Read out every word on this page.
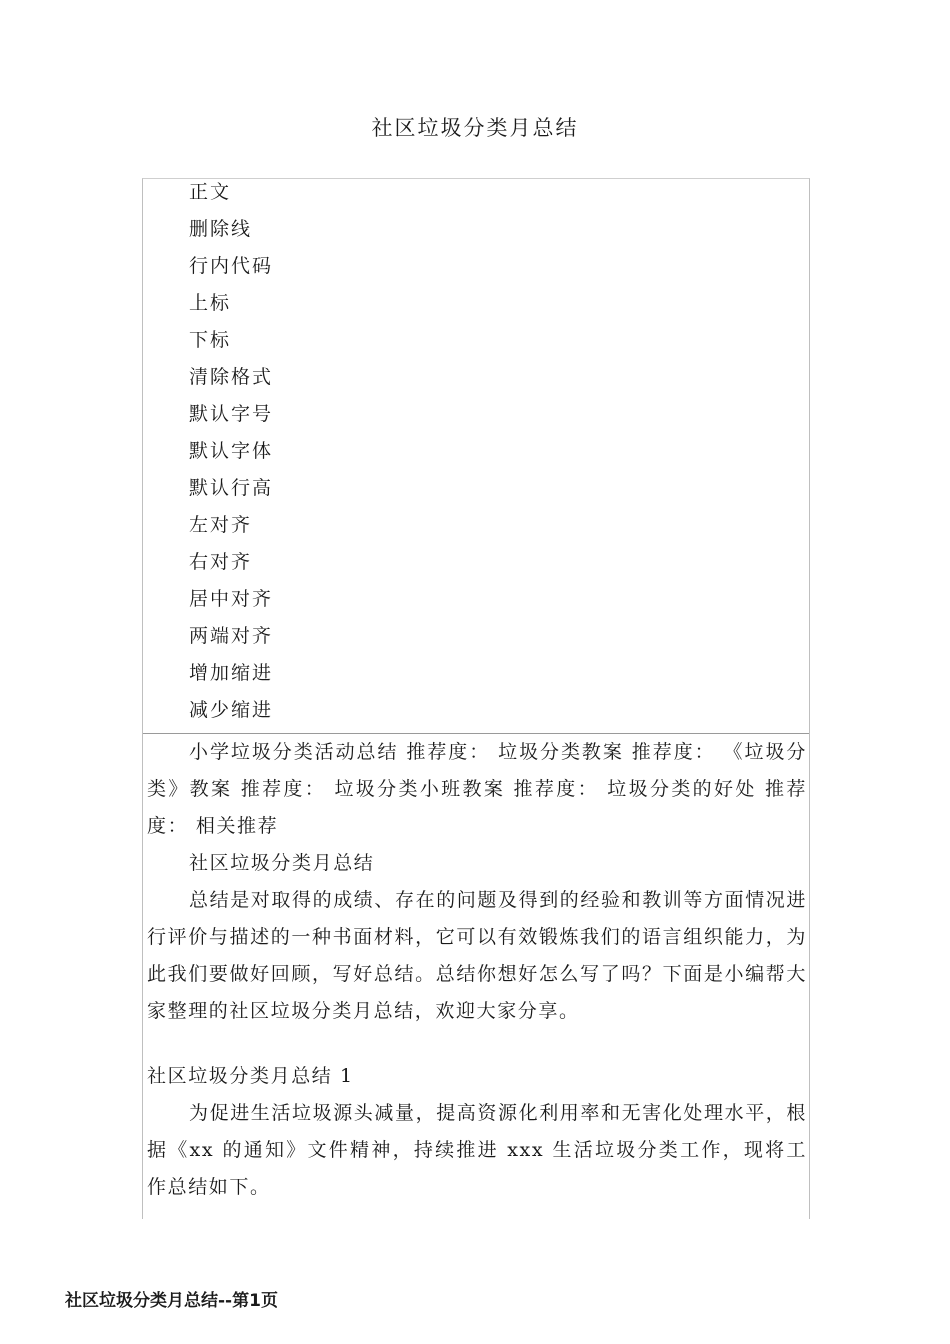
社区垃圾分类月总结
正文
删除线
行内代码
上标
下标
清除格式
默认字号
默认字体
默认行高
左对齐
右对齐
居中对齐
两端对齐
增加缩进
减少缩进

小学垃圾分类活动总结 推荐度： 垃圾分类教案 推荐度： 《垃圾分类》教案 推荐度： 垃圾分类小班教案 推荐度： 垃圾分类的好处 推荐度： 相关推荐

社区垃圾分类月总结

总结是对取得的成绩、存在的问题及得到的经验和教训等方面情况进行评价与描述的一种书面材料，它可以有效锻炼我们的语言组织能力，为此我们要做好回顾，写好总结。总结你想好怎么写了吗？下面是小编帮大家整理的社区垃圾分类月总结，欢迎大家分享。

社区垃圾分类月总结 1

为促进生活垃圾源头减量，提高资源化利用率和无害化处理水平，根据《xx 的通知》文件精神，持续推进 xxx 生活垃圾分类工作，现将工作总结如下。

社区垃圾分类月总结--第1页
